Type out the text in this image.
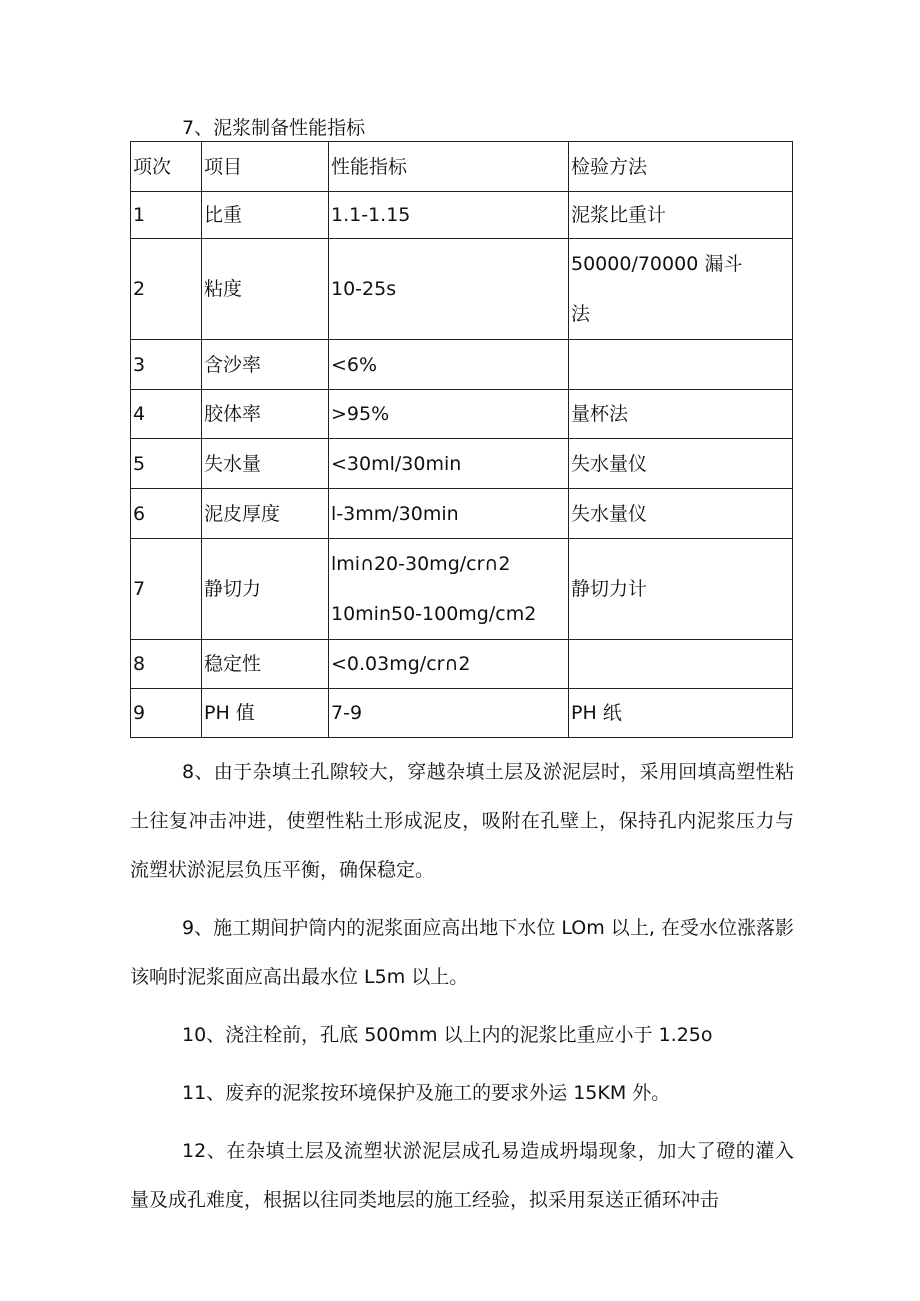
7、泥浆制备性能指标

项次	项目	性能指标	检验方法
1	比重	1.1-1.15	泥浆比重计
2	粘度	10-25s	50000/70000 漏斗
法

3	含沙率	<6%	
4	胶体率	>95%	量杯法
5	失水量	<30ml∕30min	失水量仪
6	泥皮厚度	l-3mm∕30min	失水量仪
7	静切力	lmi∩20-30mg∕cr∩2
10min50-100mg∕cm2	静切力计
8	稳定性	<0.03mg∕cr∩2	
9	PH 值	7-9	PH 纸

8、由于杂填土孔隙较大，穿越杂填土层及淤泥层时，采用回填高塑性粘土往复冲击冲进，使塑性粘土形成泥皮，吸附在孔壁上，保持孔内泥浆压力与流塑状淤泥层负压平衡，确保稳定。

9、施工期间护筒内的泥浆面应高出地下水位 LOm 以上, 在受水位涨落影该响时泥浆面应高出最水位 L5m 以上。

10、浇注栓前，孔底 500mm 以上内的泥浆比重应小于 1.25o

11、废弃的泥浆按环境保护及施工的要求外运 15KM 外。

12、在杂填土层及流塑状淤泥层成孔易造成坍塌现象，加大了磴的灌入量及成孔难度，根据以往同类地层的施工经验，拟采用泵送正循环冲击
